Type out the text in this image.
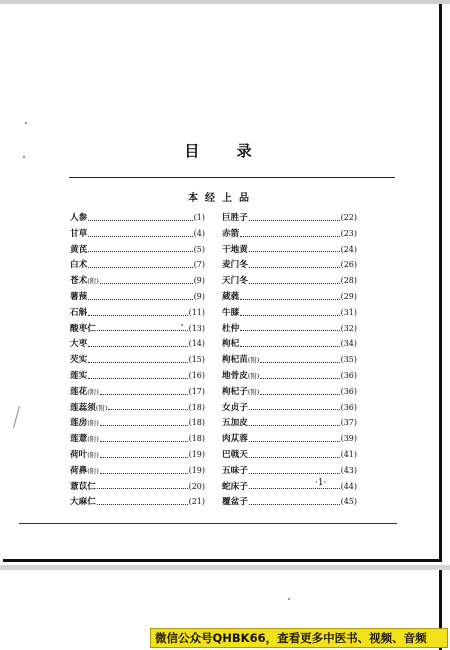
目 录
本经上品
人参	(1)
甘草	(4)
黄芪	(5)
白术	(7)
苍术(附)	(9)
薯蓣	(9)
石斛	(11)
酸枣仁	(13)
大枣	(14)
芡实	(15)
莲实	(16)
莲花(附)	(17)
莲蕊须(附)	(18)
莲房(附)	(18)
莲薏(附)	(18)
荷叶(附)	(19)
荷鼻(附)	(19)
薏苡仁	(20)
大麻仁	(21)
巨胜子	(22)
赤箭	(23)
干地黄	(24)
麦门冬	(26)
天门冬	(28)
葳蕤	(29)
牛膝	(31)
杜仲	(32)
枸杞	(34)
枸杞苗(附)	(35)
地骨皮(附)	(36)
枸杞子(附)	(36)
女贞子	(36)
五加皮	(37)
肉苁蓉	(39)
巴戟天	(41)
五味子	(43)
蛇床子	(44)
覆盆子	(45)
·1·
微信公众号QHBK66，查看更多中医书、视频、音频
